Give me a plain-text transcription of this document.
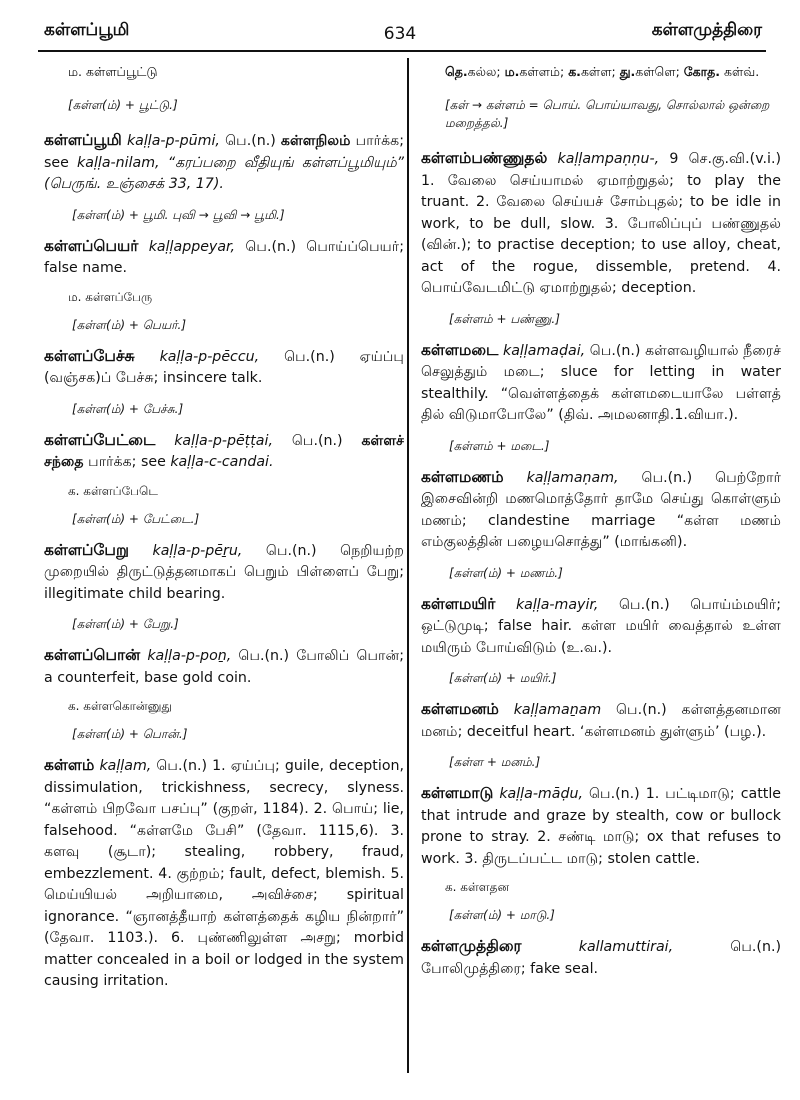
கள்ளப்பூமி	634	கள்ளமுத்திரை
ம. கள்ளப்பூட்டு
[கள்ள(ம்) + பூட்டு.]

கள்ளப்பூமி kaḷḷa-p-pūmi, பெ.(n.) கள்ளநிலம் பார்க்க; see kaḷḷa-nilam, “கரப்பறை வீதியுங் கள்ளப்பூமியும்” (பெருங். உஞ்சைக் 33, 17).

[கள்ள(ம்) + பூமி. புவி → பூவி → பூமி.]

கள்ளப்பெயர் kaḷḷappeyar, பெ.(n.) பொய்ப்பெயர்; false name.

ம. கள்ளப்பேரு
[கள்ள(ம்) + பெயர்.]

கள்ளப்பேச்சு kaḷḷa-p-pēccu, பெ.(n.) ஏய்ப்பு (வஞ்சக)ப் பேச்சு; insincere talk.

[கள்ள(ம்) + பேச்சு.]

கள்ளப்பேட்டை kaḷḷa-p-pēṭṭai, பெ.(n.) கள்ளச் சந்தை பார்க்க; see kaḷḷa-c-candai.

க. கள்ளப்பேடெ
[கள்ள(ம்) + பேட்டை.]

கள்ளப்பேறு kaḷḷa-p-pēṟu, பெ.(n.) நெறியற்ற முறையில் திருட்டுத்தனமாகப் பெறும் பிள்ளைப் பேறு; illegitimate child bearing.

[கள்ள(ம்) + பேறு.]

கள்ளப்பொன் kaḷḷa-p-poṉ, பெ.(n.) போலிப் பொன்; a counterfeit, base gold coin.

க. கள்ளகொன்னுது
[கள்ள(ம்) + பொன்.]

கள்ளம் kaḷḷam, பெ.(n.) 1. ஏய்ப்பு; guile, deception, dissimulation, trickishness, secrecy, slyness. “கள்ளம் பிறவோ பசப்பு” (குறள், 1184). 2. பொய்; lie, falsehood. “கள்ளமே பேசி” (தேவா. 1115,6). 3. களவு (சூடா); stealing, robbery, fraud, embezzlement. 4. குற்றம்; fault, defect, blemish. 5. மெய்யியல் அறியாமை, அவிச்சை; spiritual ignorance. “ஞானத்தீயாற் கள்ளத்தைக் கழிய நின்றார்” (தேவா. 1103.). 6. புண்ணிலுள்ள அசறு; morbid matter concealed in a boil or lodged in the system causing irritation.

தெ.கல்ல; ம.கள்ளம்; க.கள்ள; து.கள்ளெ; கோத. கள்வ்.
[கள் → கள்ளம் = பொய். பொய்யாவது, சொல்லால் ஒன்றை மறைத்தல்.]

கள்ளம்பண்ணுதல் kaḷḷampaṇṇu-, 9 செ.கு.வி.(v.i.) 1. வேலை செய்யாமல் ஏமாற்றுதல்; to play the truant. 2. வேலை செய்யச் சோம்புதல்; to be idle in work, to be dull, slow. 3. போலிப்புப் பண்ணுதல் (வின்.); to practise deception; to use alloy, cheat, act of the rogue, dissemble, pretend. 4. பொய்வேடமிட்டு ஏமாற்றுதல்; deception.

[கள்ளம் + பண்ணு.]

கள்ளமடை kaḷḷamaḍai, பெ.(n.) கள்ளவழியால் நீரைச் செலுத்தும் மடை; sluce for letting in water stealthily. “வெள்ளத்தைக் கள்ளமடையாலே பள்ளத் தில் விடுமாபோலே” (திவ். அமலனாதி.1.வியா.).

[கள்ளம் + மடை.]

கள்ளமணம் kaḷḷamaṇam, பெ.(n.) பெற்றோர் இசைவின்றி மணமொத்தோர் தாமே செய்து கொள்ளும் மணம்; clandestine marriage “கள்ள மணம் எம்குலத்தின் பழையசொத்து” (மாங்கனி).

[கள்ள(ம்) + மணம்.]

கள்ளமயிர் kaḷḷa-mayir, பெ.(n.) பொய்ம்மயிர்; ஒட்டுமுடி; false hair. கள்ள மயிர் வைத்தால் உள்ள மயிரும் போய்விடும் (உ.வ.).

[கள்ள(ம்) + மயிர்.]

கள்ளமனம் kaḷḷamaṉam பெ.(n.) கள்ளத்தனமான மனம்; deceitful heart. ‘கள்ளமனம் துள்ளும்’ (பழ.).

[கள்ள + மனம்.]

கள்ளமாடு kaḷḷa-māḍu, பெ.(n.) 1. பட்டிமாடு; cattle that intrude and graze by stealth, cow or bullock prone to stray. 2. சண்டி மாடு; ox that refuses to work. 3. திருடப்பட்ட மாடு; stolen cattle.

க. கள்ளதன
[கள்ள(ம்) + மாடு.]

கள்ளமுத்திரை	kallamuttirai, பெ.(n.) போலிமுத்திரை; fake seal.
